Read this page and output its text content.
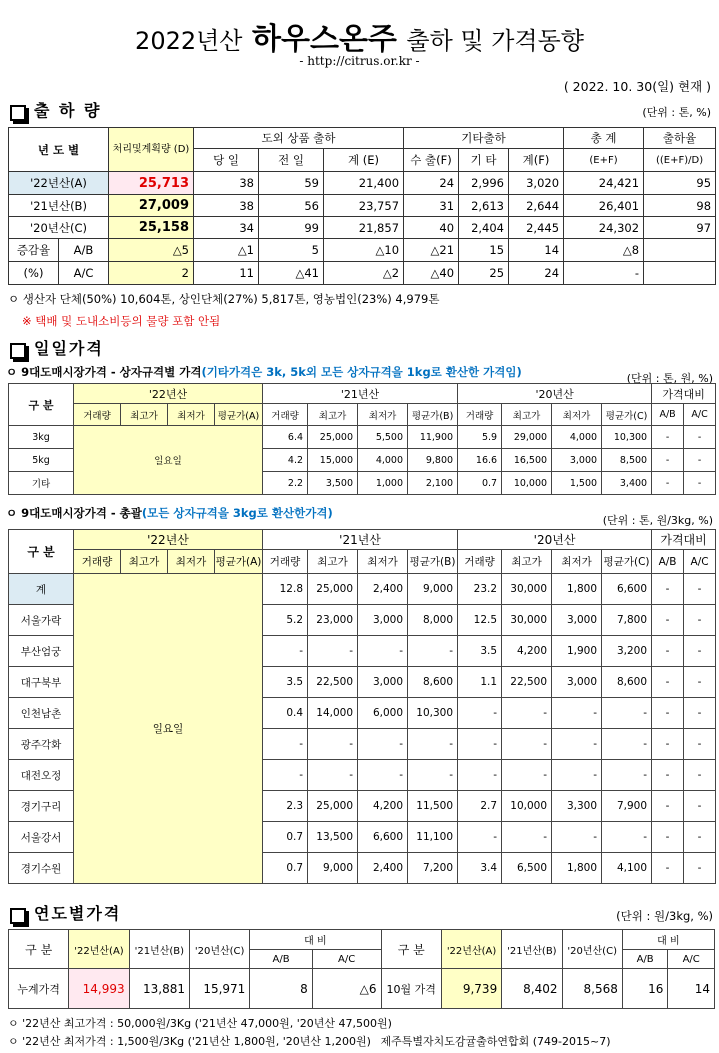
2022년산 하우스온주 출하 및 가격동향
- http://citrus.or.kr -
( 2022. 10. 30(일) 현재 )
출 하 량	(단위 : 톤, %)
년 도 별		처리및계획량 (D)	도외 상품 출하			기타출하			총 계	출하율
			당 일	전 일	계 (E)	수 출(F)	기 타	계(F)	(E+F)	((E+F)/D)
'22년산(A)		25,713	38	59	21,400	24	2,996	3,020	24,421	95
'21년산(B)		27,009	38	56	23,757	31	2,613	2,644	26,401	98
'20년산(C)		25,158	34	99	21,857	40	2,404	2,445	24,302	97
증감율	A/B	△5	△1	5	△10	△21	15	14	△8	
(%)	A/C	2	11	△41	△2	△40	25	24	-	
ㅇ 생산자 단체(50%) 10,604톤, 상인단체(27%) 5,817톤, 영농법인(23%) 4,979톤
※ 택배 및 도내소비등의 물량 포함 안됨
일일가격
ㅇ 9대도매시장가격 - 상자규격별 가격(기타가격은 3k, 5k외 모든 상자규격을 1kg로 환산한 가격임)	(단위 : 톤, 원, %)
구 분	'22년산				'21년산				'20년산				가격대비	
	거래량	최고가	최저가	평균가(A)	거래량	최고가	최저가	평균가(B)	거래량	최고가	최저가	평균가(C)	A/B	A/C
3kg	일요일				6.4	25,000	5,500	11,900	5.9	29,000	4,000	10,300	-	-
5kg					4.2	15,000	4,000	9,800	16.6	16,500	3,000	8,500	-	-
기타					2.2	3,500	1,000	2,100	0.7	10,000	1,500	3,400	-	-
ㅇ 9대도매시장가격 - 총괄(모든 상자규격을 3kg로 환산한가격)
(단위 : 톤, 원/3kg, %)
구 분	'22년산				'21년산				'20년산				가격대비	
	거래량	최고가	최저가	평균가(A)	거래량	최고가	최저가	평균가(B)	거래량	최고가	최저가	평균가(C)	A/B	A/C
계	일요일				12.8	25,000	2,400	9,000	23.2	30,000	1,800	6,600	-	-
서울가락					5.2	23,000	3,000	8,000	12.5	30,000	3,000	7,800	-	-
부산엄궁					-	-	-	-	3.5	4,200	1,900	3,200	-	-
대구북부					3.5	22,500	3,000	8,600	1.1	22,500	3,000	8,600	-	-
인천남촌					0.4	14,000	6,000	10,300	-	-	-	-	-	-
광주각화					-	-	-	-	-	-	-	-	-	-
대전오정					-	-	-	-	-	-	-	-	-	-
경기구리					2.3	25,000	4,200	11,500	2.7	10,000	3,300	7,900	-	-
서울강서					0.7	13,500	6,600	11,100	-	-	-	-	-	-
경기수원					0.7	9,000	2,400	7,200	3.4	6,500	1,800	4,100	-	-
연도별가격	(단위 : 원/3kg, %)
구 분	'22년산(A)	'21년산(B)	'20년산(C)	대 비		구 분	'22년산(A)	'21년산(B)	'20년산(C)	대 비	
				A/B	A/C					A/B	A/C
누계가격	14,993	13,881	15,971	8	△6	10월 가격	9,739	8,402	8,568	16	14
ㅇ '22년산 최고가격 : 50,000원/3Kg ('21년산 47,000원, '20년산 47,500원)
ㅇ '22년산 최저가격 : 1,500원/3Kg ('21년산 1,800원, '20년산 1,200원) 제주특별자치도감귤출하연합회 (749-2015~7)
